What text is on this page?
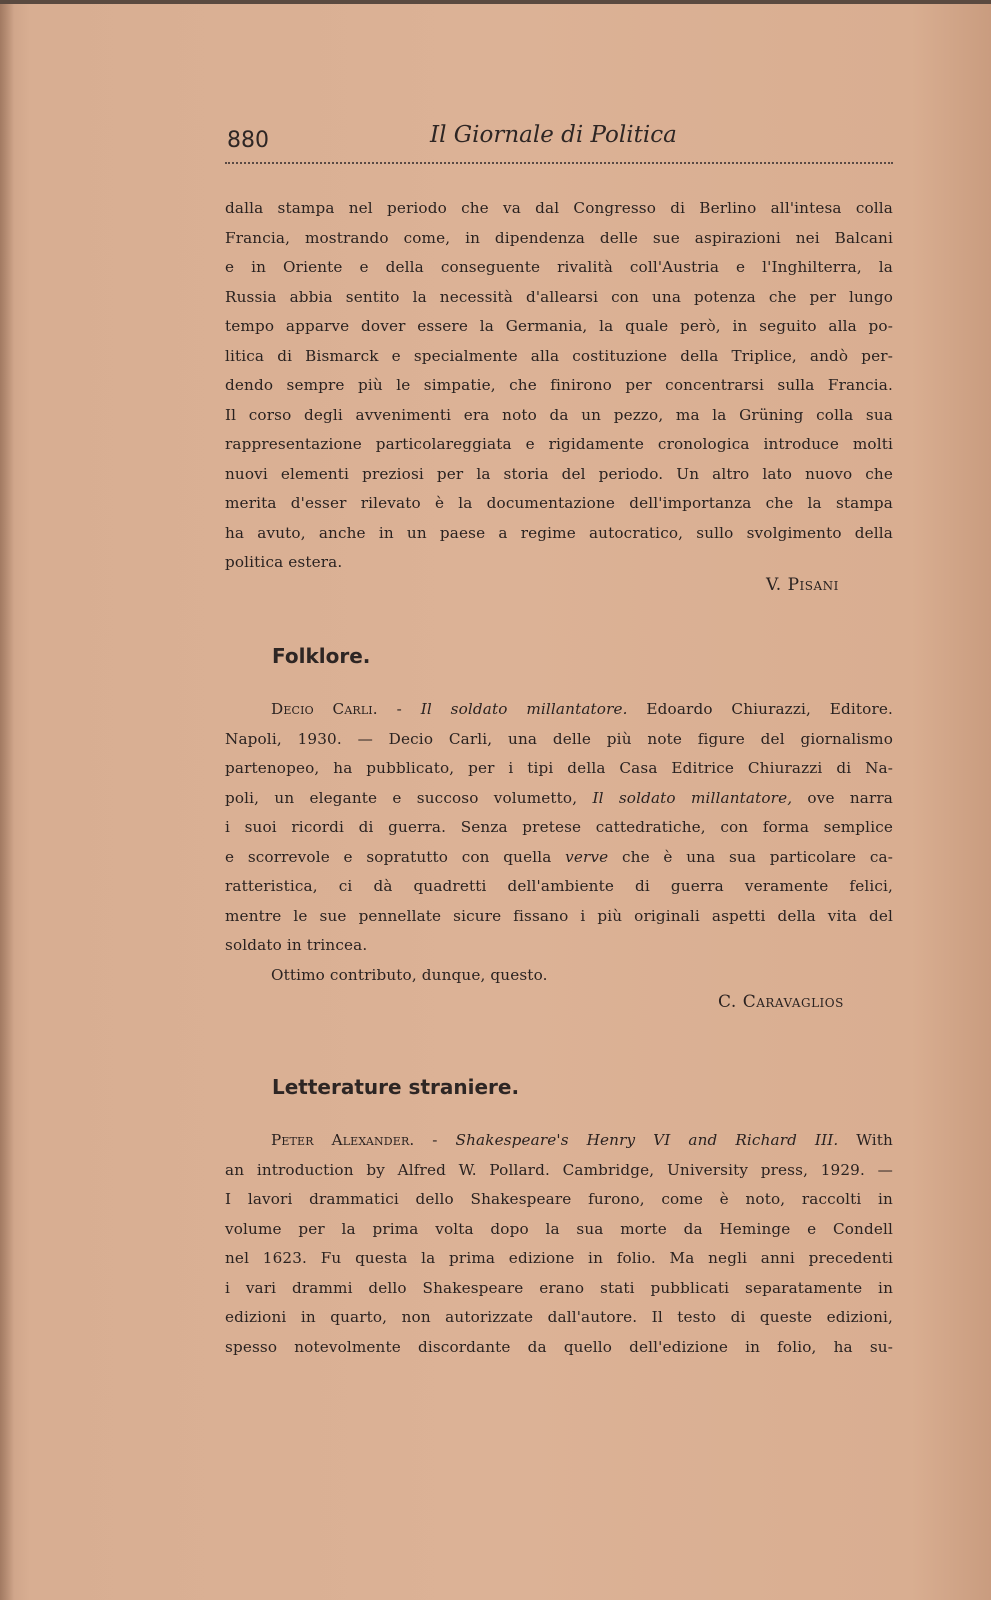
880	Il Giornale di Politica
dalla stampa nel periodo che va dal Congresso di Berlino all'intesa colla
Francia, mostrando come, in dipendenza delle sue aspirazioni nei Balcani
e in Oriente e della conseguente rivalità coll'Austria e l'Inghilterra, la
Russia abbia sentito la necessità d'allearsi con una potenza che per lungo
tempo apparve dover essere la Germania, la quale però, in seguito alla po-
litica di Bismarck e specialmente alla costituzione della Triplice, andò per-
dendo sempre più le simpatie, che finirono per concentrarsi sulla Francia.
Il corso degli avvenimenti era noto da un pezzo, ma la Grüning colla sua
rappresentazione particolareggiata e rigidamente cronologica introduce molti
nuovi elementi preziosi per la storia del periodo. Un altro lato nuovo che
merita d'esser rilevato è la documentazione dell'importanza che la stampa
ha avuto, anche in un paese a regime autocratico, sullo svolgimento della
politica estera.
V. Pisani
Folklore.
Decio Carli. - Il soldato millantatore. Edoardo Chiurazzi, Editore.
Napoli, 1930. — Decio Carli, una delle più note figure del giornalismo
partenopeo, ha pubblicato, per i tipi della Casa Editrice Chiurazzi di Na-
poli, un elegante e succoso volumetto, Il soldato millantatore, ove narra
i suoi ricordi di guerra. Senza pretese cattedratiche, con forma semplice
e scorrevole e sopratutto con quella verve che è una sua particolare ca-
ratteristica, ci dà quadretti dell'ambiente di guerra veramente felici,
mentre le sue pennellate sicure fissano i più originali aspetti della vita del
soldato in trincea.
Ottimo contributo, dunque, questo.
C. Caravaglios
Letterature straniere.
Peter Alexander. - Shakespeare's Henry VI and Richard III. With
an introduction by Alfred W. Pollard. Cambridge, University press, 1929. —
I lavori drammatici dello Shakespeare furono, come è noto, raccolti in
volume per la prima volta dopo la sua morte da Heminge e Condell
nel 1623. Fu questa la prima edizione in folio. Ma negli anni precedenti
i vari drammi dello Shakespeare erano stati pubblicati separatamente in
edizioni in quarto, non autorizzate dall'autore. Il testo di queste edizioni,
spesso notevolmente discordante da quello dell'edizione in folio, ha su-
